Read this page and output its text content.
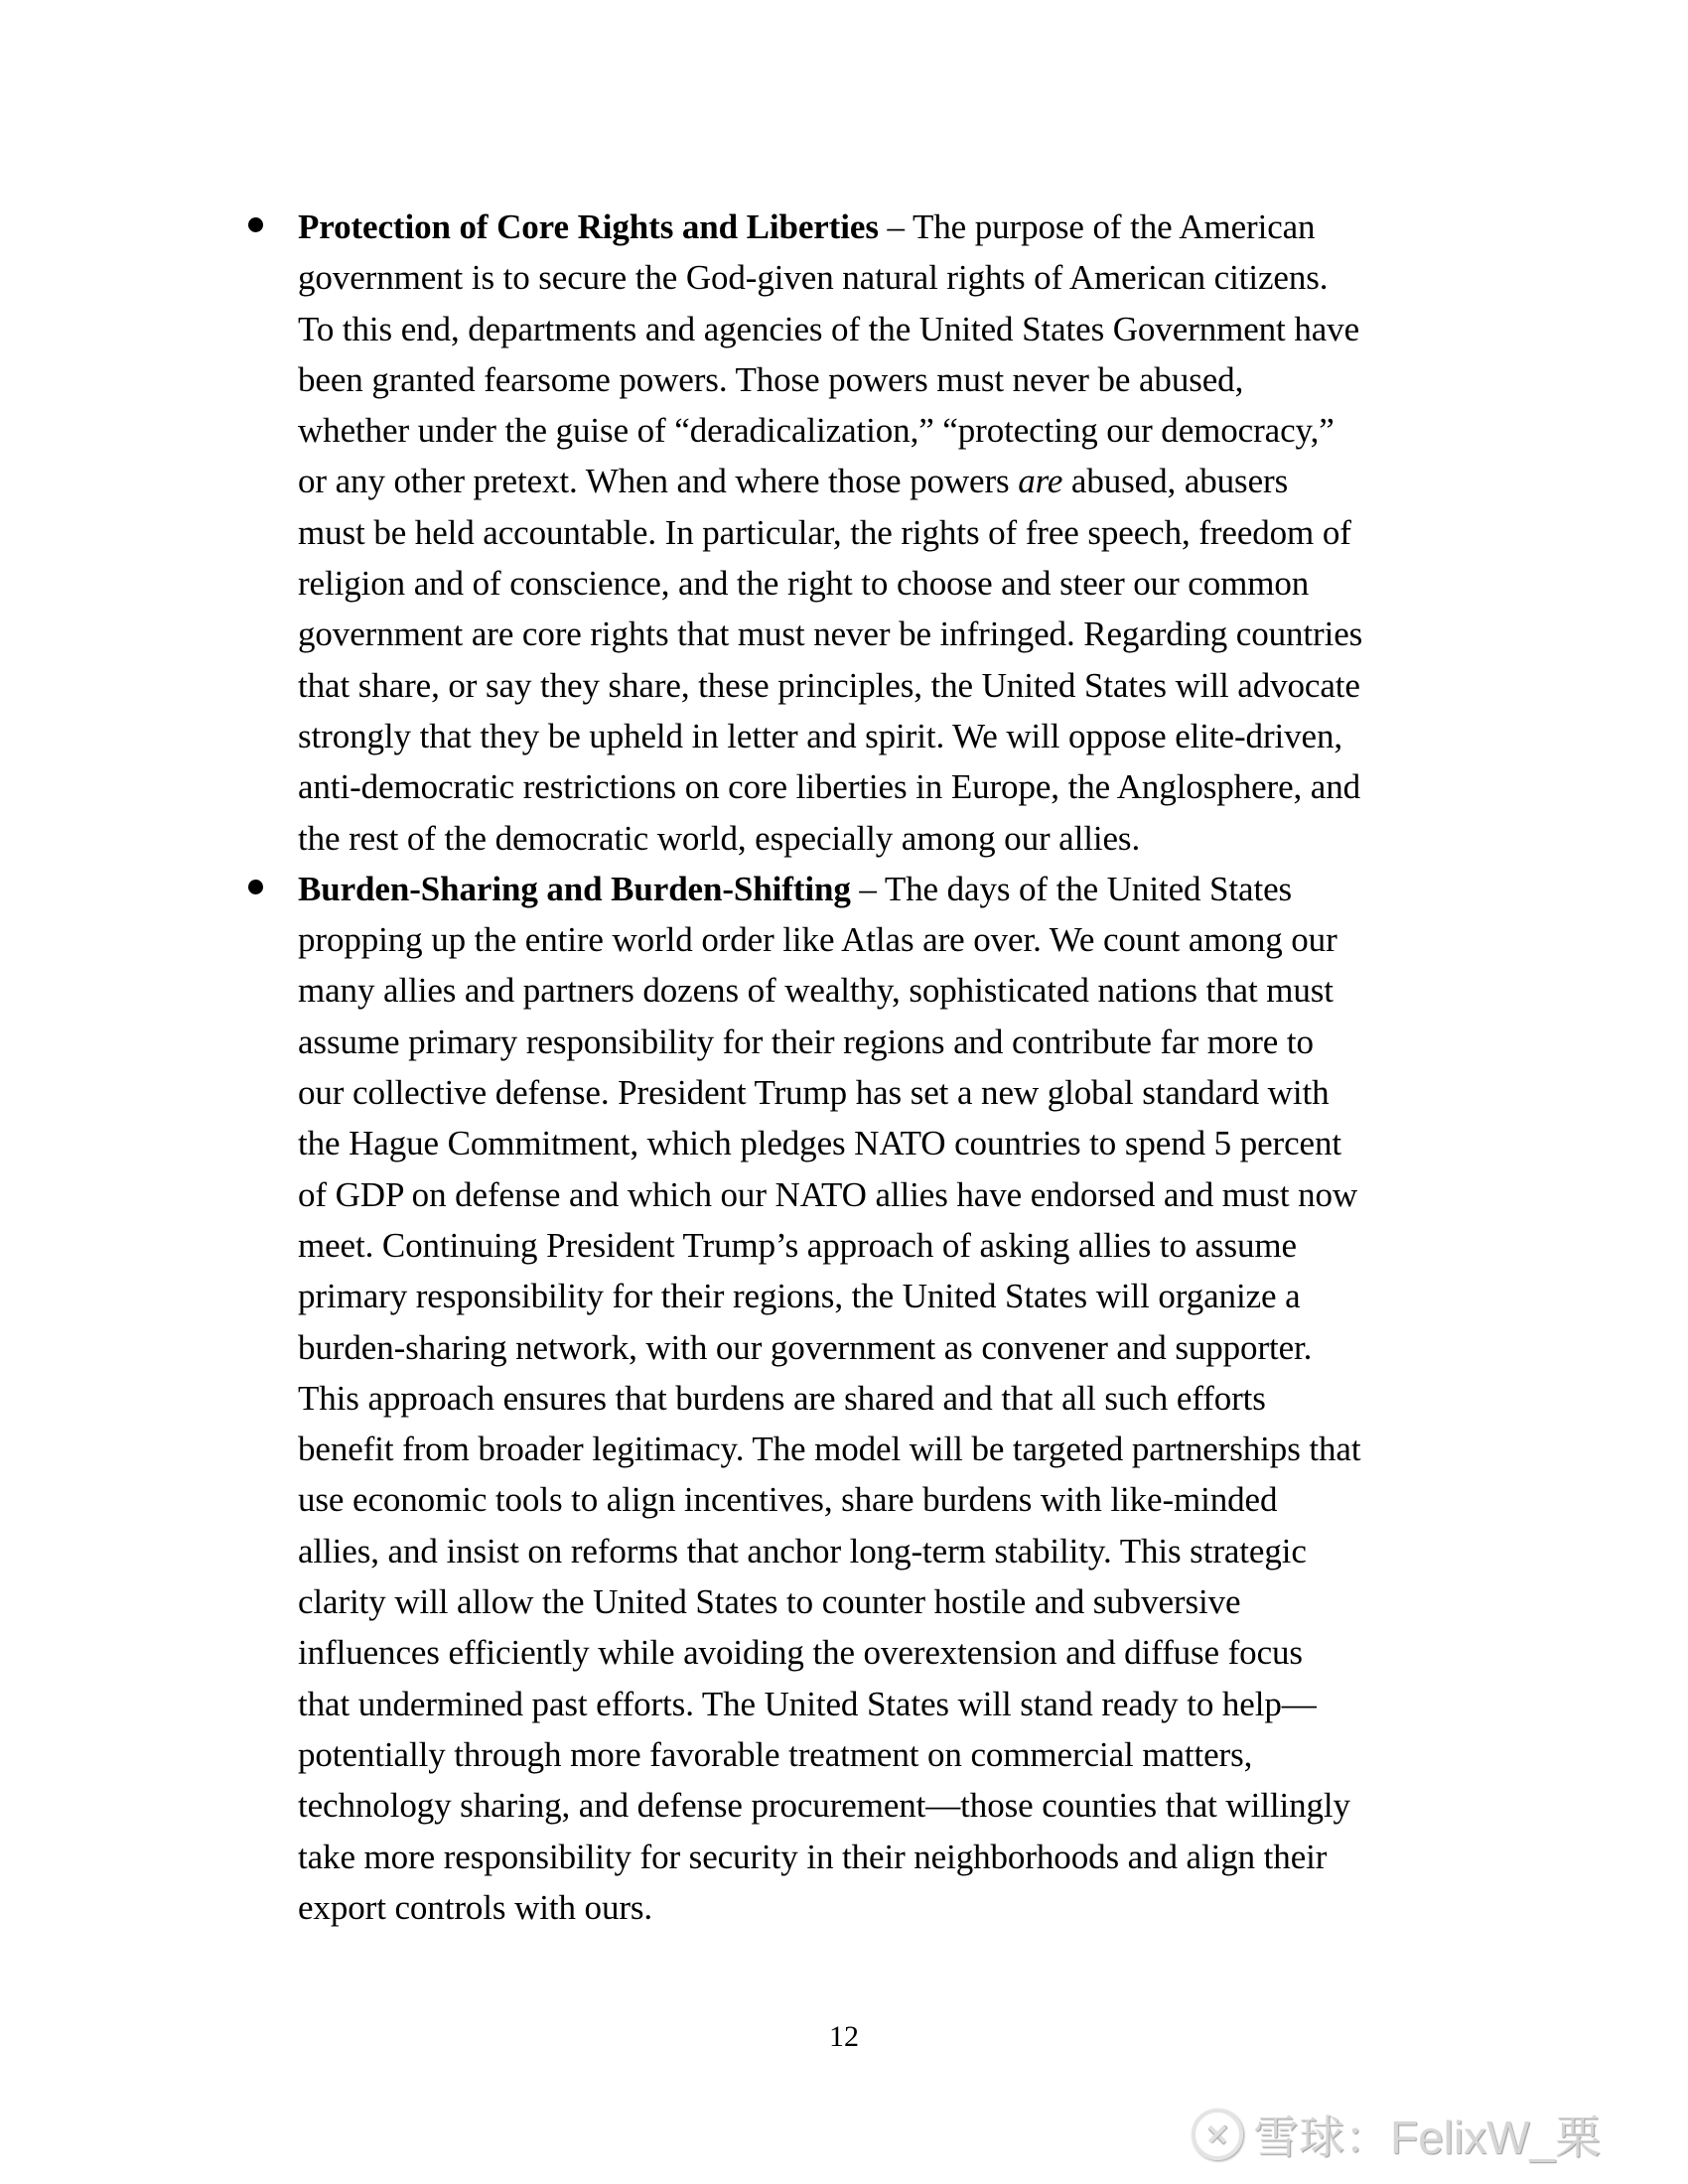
Protection of Core Rights and Liberties – The purpose of the American
government is to secure the God-given natural rights of American citizens.
To this end, departments and agencies of the United States Government have
been granted fearsome powers. Those powers must never be abused,
whether under the guise of “deradicalization,” “protecting our democracy,”
or any other pretext. When and where those powers are abused, abusers
must be held accountable. In particular, the rights of free speech, freedom of
religion and of conscience, and the right to choose and steer our common
government are core rights that must never be infringed. Regarding countries
that share, or say they share, these principles, the United States will advocate
strongly that they be upheld in letter and spirit. We will oppose elite-driven,
anti-democratic restrictions on core liberties in Europe, the Anglosphere, and
the rest of the democratic world, especially among our allies.
Burden-Sharing and Burden-Shifting – The days of the United States
propping up the entire world order like Atlas are over. We count among our
many allies and partners dozens of wealthy, sophisticated nations that must
assume primary responsibility for their regions and contribute far more to
our collective defense. President Trump has set a new global standard with
the Hague Commitment, which pledges NATO countries to spend 5 percent
of GDP on defense and which our NATO allies have endorsed and must now
meet. Continuing President Trump’s approach of asking allies to assume
primary responsibility for their regions, the United States will organize a
burden-sharing network, with our government as convener and supporter.
This approach ensures that burdens are shared and that all such efforts
benefit from broader legitimacy. The model will be targeted partnerships that
use economic tools to align incentives, share burdens with like-minded
allies, and insist on reforms that anchor long-term stability. This strategic
clarity will allow the United States to counter hostile and subversive
influences efficiently while avoiding the overextension and diffuse focus
that undermined past efforts. The United States will stand ready to help—
potentially through more favorable treatment on commercial matters,
technology sharing, and defense procurement—those counties that willingly
take more responsibility for security in their neighborhoods and align their
export controls with ours.
12
雪球：FelixW_栗
